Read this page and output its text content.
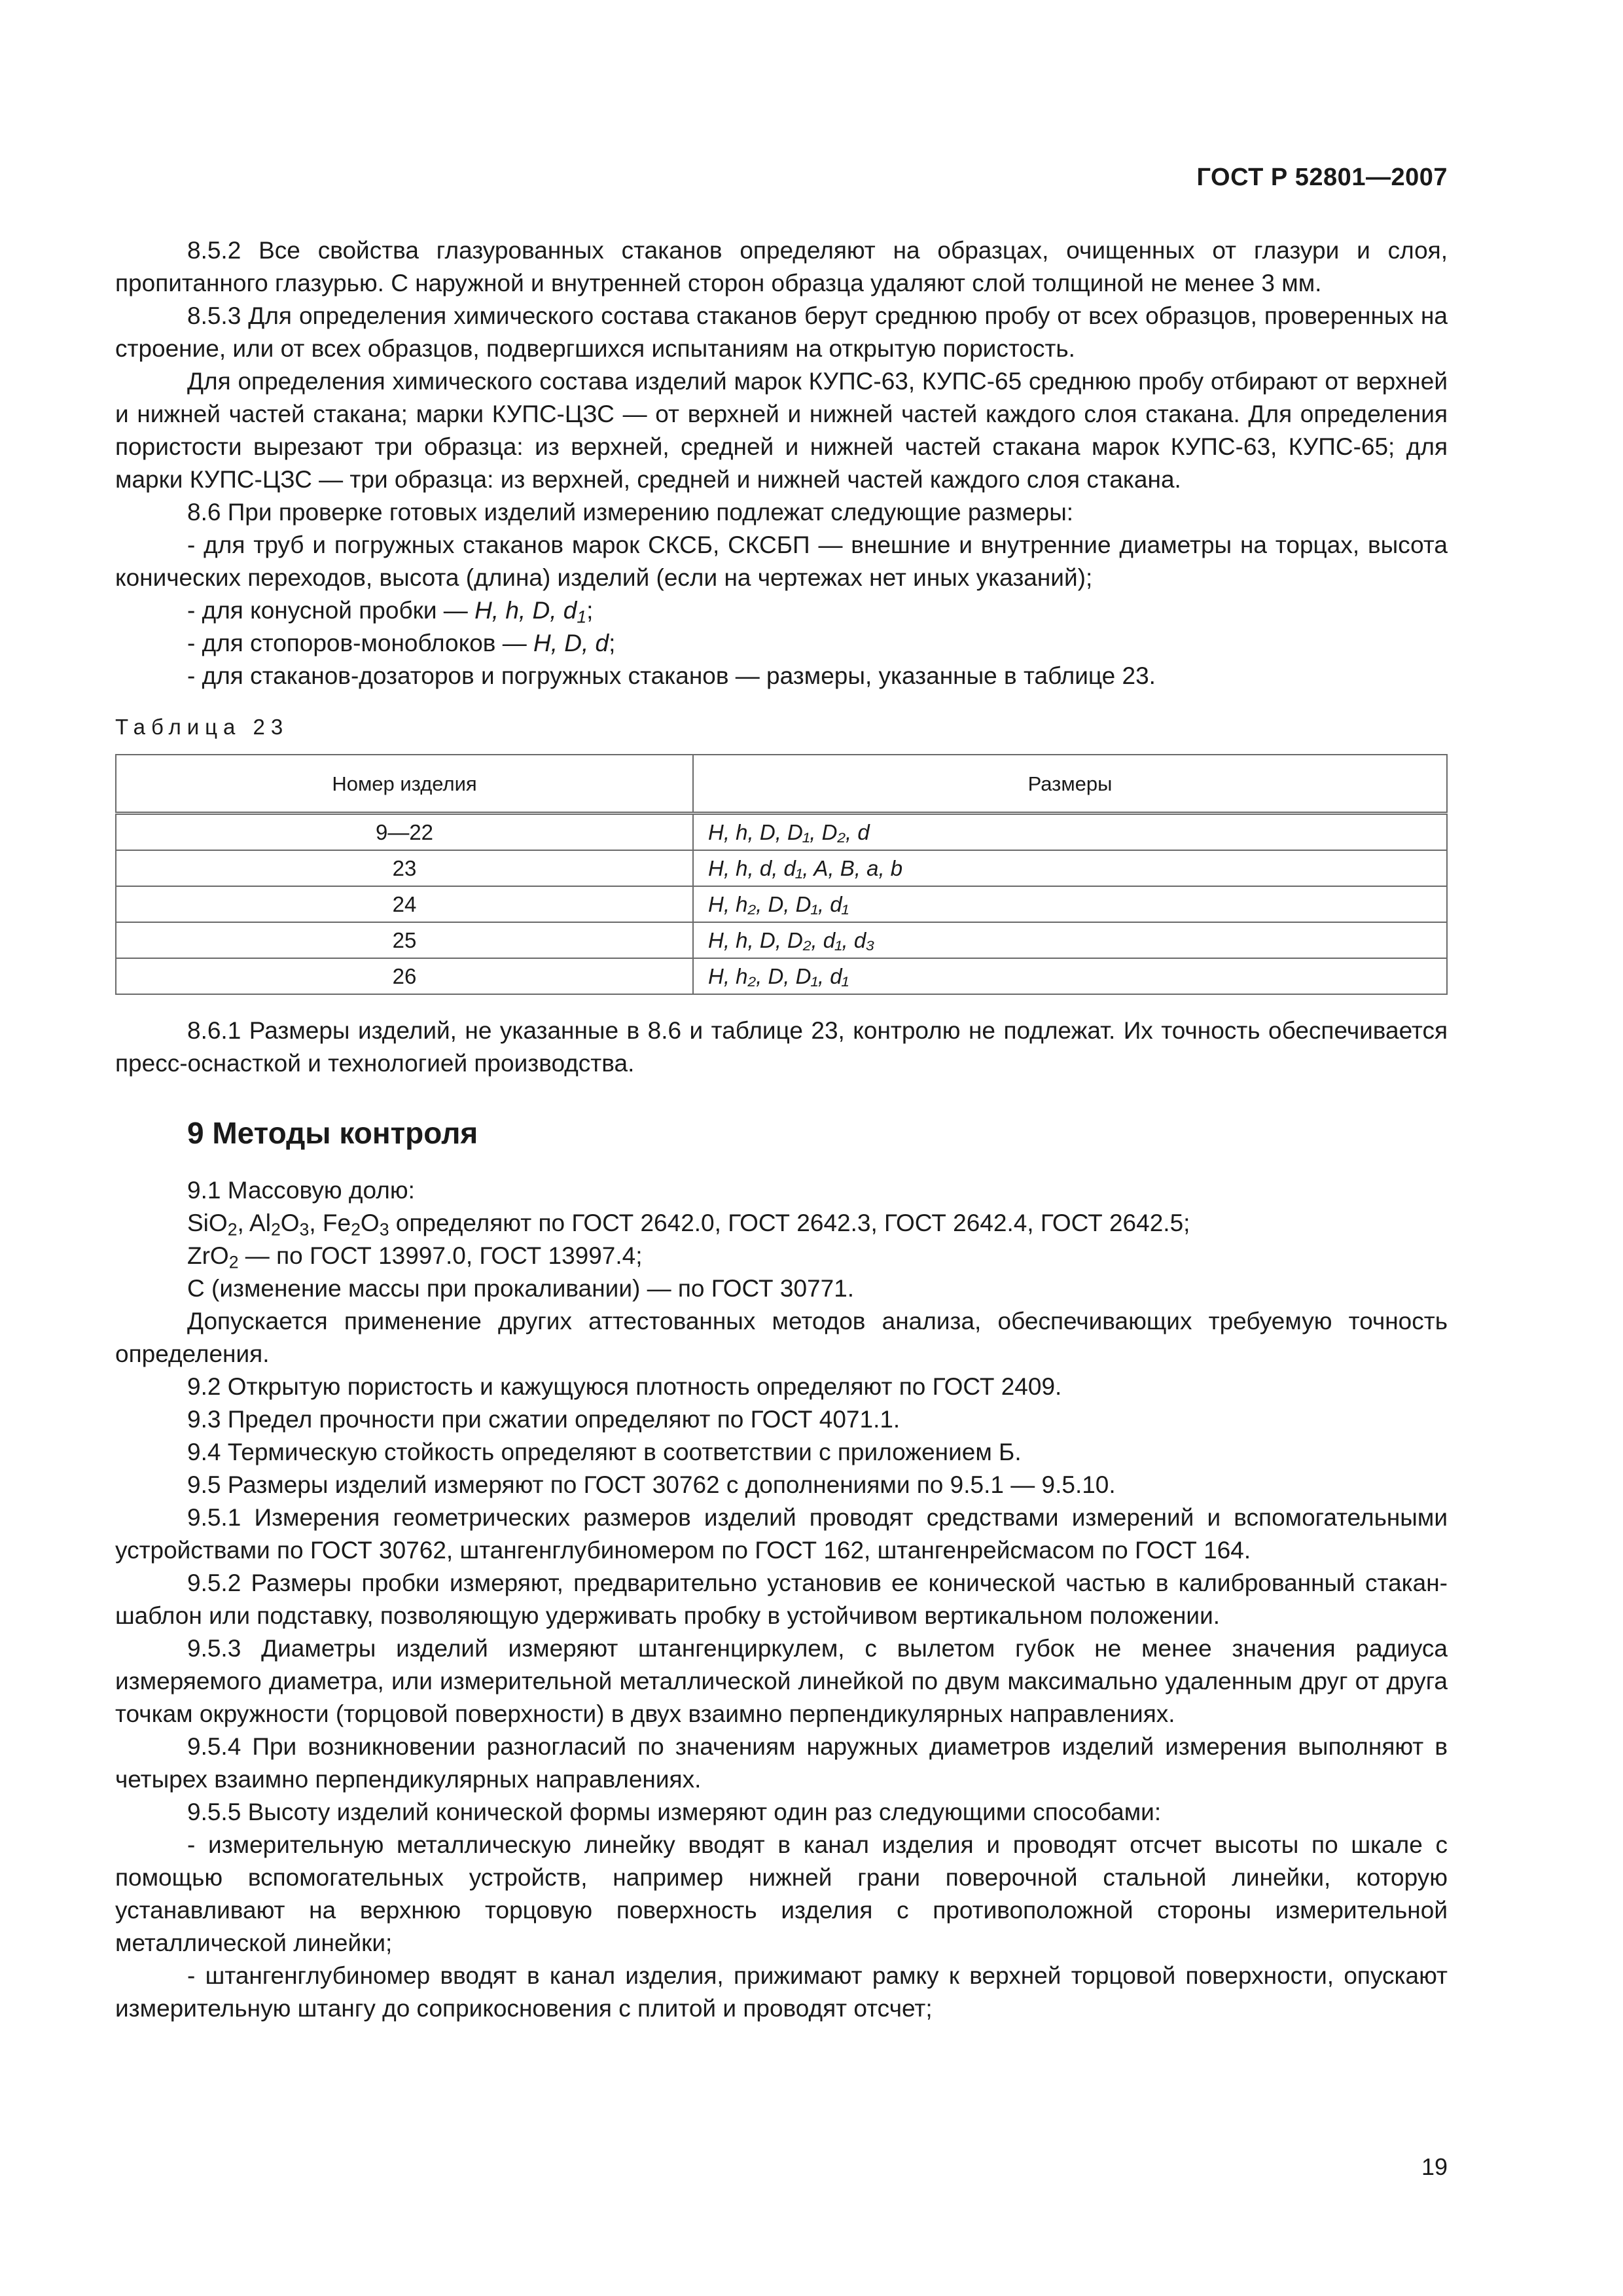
ГОСТ Р 52801—2007

8.5.2 Все свойства глазурованных стаканов определяют на образцах, очищенных от глазури и слоя, пропитанного глазурью. С наружной и внутренней сторон образца удаляют слой толщиной не менее 3 мм.

8.5.3 Для определения химического состава стаканов берут среднюю пробу от всех образцов, проверенных на строение, или от всех образцов, подвергшихся испытаниям на открытую пористость.

Для определения химического состава изделий марок КУПС-63, КУПС-65 среднюю пробу отбирают от верхней и нижней частей стакана; марки КУПС-ЦЗС — от верхней и нижней частей каждого слоя стакана. Для определения пористости вырезают три образца: из верхней, средней и нижней частей стакана марок КУПС-63, КУПС-65; для марки КУПС-ЦЗС — три образца: из верхней, средней и нижней частей каждого слоя стакана.

8.6 При проверке готовых изделий измерению подлежат следующие размеры:

- для труб и погружных стаканов марок СКСБ, СКСБП — внешние и внутренние диаметры на торцах, высота конических переходов, высота (длина) изделий (если на чертежах нет иных указаний);

- для конусной пробки — H, h, D, $d_1$;

- для стопоров-моноблоков — H, D, d;

- для стаканов-дозаторов и погружных стаканов — размеры, указанные в таблице 23.

Таблица 23
Номер изделия	Размеры
9—22	H, h, D, D₁, D₂, d
23	H, h, d, d₁, A, B, a, b
24	H, h₂, D, D₁, d₁
25	H, h, D, D₂, d₁, d₃
26	H, h₂, D, D₁, d₁

8.6.1 Размеры изделий, не указанные в 8.6 и таблице 23, контролю не подлежат. Их точность обеспечивается пресс-оснасткой и технологией производства.

9 Методы контроля

9.1 Массовую долю:

SiO$_2$, $Al_2O_3$, $Fe_2O_3$ определяют по ГОСТ 2642.0, ГОСТ 2642.3, ГОСТ 2642.4, ГОСТ 2642.5;

ZrO$_2$ — по ГОСТ 13997.0, ГОСТ 13997.4;

С (изменение массы при прокаливании) — по ГОСТ 30771.

Допускается применение других аттестованных методов анализа, обеспечивающих требуемую точность определения.

9.2 Открытую пористость и кажущуюся плотность определяют по ГОСТ 2409.

9.3 Предел прочности при сжатии определяют по ГОСТ 4071.1.

9.4 Термическую стойкость определяют в соответствии с приложением Б.

9.5 Размеры изделий измеряют по ГОСТ 30762 с дополнениями по 9.5.1 — 9.5.10.

9.5.1 Измерения геометрических размеров изделий проводят средствами измерений и вспомогательными устройствами по ГОСТ 30762, штангенглубиномером по ГОСТ 162, штангенрейсмасом по ГОСТ 164.

9.5.2 Размеры пробки измеряют, предварительно установив ее конической частью в калиброванный стакан-шаблон или подставку, позволяющую удерживать пробку в устойчивом вертикальном положении.

9.5.3 Диаметры изделий измеряют штангенциркулем, с вылетом губок не менее значения радиуса измеряемого диаметра, или измерительной металлической линейкой по двум максимально удаленным друг от друга точкам окружности (торцовой поверхности) в двух взаимно перпендикулярных направлениях.

9.5.4 При возникновении разногласий по значениям наружных диаметров изделий измерения выполняют в четырех взаимно перпендикулярных направлениях.

9.5.5 Высоту изделий конической формы измеряют один раз следующими способами:

- измерительную металлическую линейку вводят в канал изделия и проводят отсчет высоты по шкале с помощью вспомогательных устройств, например нижней грани поверочной стальной линейки, которую устанавливают на верхнюю торцовую поверхность изделия с противоположной стороны измерительной металлической линейки;

- штангенглубиномер вводят в канал изделия, прижимают рамку к верхней торцовой поверхности, опускают измерительную штангу до соприкосновения с плитой и проводят отсчет;

19
